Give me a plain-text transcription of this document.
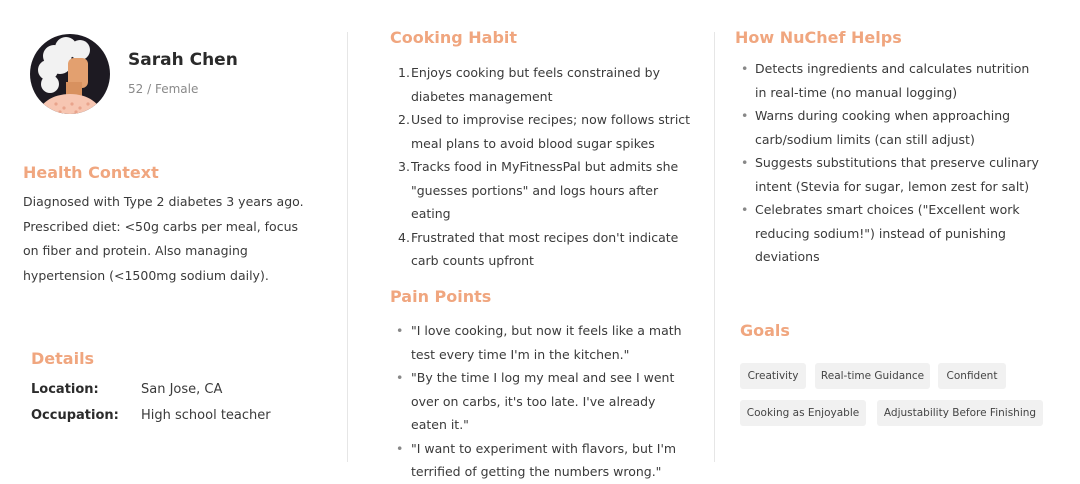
Sarah Chen
52 / Female
Health Context
Diagnosed with Type 2 diabetes 3 years ago. Prescribed diet: <50g carbs per meal, focus on fiber and protein. Also managing hypertension (<1500mg sodium daily).
Details
Location:	San Jose, CA
Occupation: High school teacher
Cooking Habit
1. Enjoys cooking but feels constrained by diabetes management
2. Used to improvise recipes; now follows strict meal plans to avoid blood sugar spikes
3. Tracks food in MyFitnessPal but admits she "guesses portions" and logs hours after eating
4. Frustrated that most recipes don't indicate carb counts upfront
Pain Points
• "I love cooking, but now it feels like a math test every time I'm in the kitchen."
• "By the time I log my meal and see I went over on carbs, it's too late. I've already eaten it."
• "I want to experiment with flavors, but I'm terrified of getting the numbers wrong."
How NuChef Helps
• Detects ingredients and calculates nutrition in real-time (no manual logging)
• Warns during cooking when approaching carb/sodium limits (can still adjust)
• Suggests substitutions that preserve culinary intent (Stevia for sugar, lemon zest for salt)
• Celebrates smart choices ("Excellent work reducing sodium!") instead of punishing deviations
Goals
Creativity	Real-time Guidance	Confident
Cooking as Enjoyable	Adjustability Before Finishing
